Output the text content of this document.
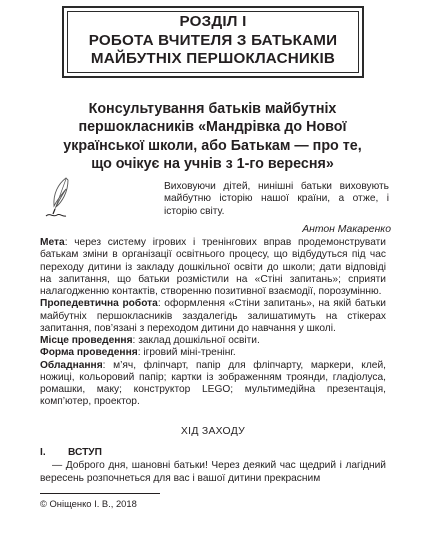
РОЗДІЛ І
РОБОТА ВЧИТЕЛЯ З БАТЬКАМИ
МАЙБУТНІХ ПЕРШОКЛАСНИКІВ
Консультування батьків майбутніх
першокласників «Мандрівка до Нової
української школи, або Батькам — про те,
що очікує на учнів з 1-го вересня»
Виховуючи дітей, нинішні батьки виховують майбутню історію нашої країни, а отже, і історію світу.
Антон Макаренко
Мета: через систему ігрових і тренінгових вправ продемонструвати батькам зміни в організації освітнього процесу, що відбудуться під час переходу дитини із закладу дошкільної освіти до школи; дати відповіді на запитання, що батьки розмістили на «Стіні запитань»; сприяти налагодженню контактів, створенню позитивної взаємодії, порозумінню.
Пропедевтична робота: оформлення «Стіни запитань», на якій батьки майбутніх першокласників заздалегідь залишатимуть на стікерах запитання, пов’язані з переходом дитини до навчання у школі.
Місце проведення: заклад дошкільної освіти.
Форма проведення: ігровий міні-тренінг.
Обладнання: м’яч, фліпчарт, папір для фліпчарту, маркери, клей, ножиці, кольоровий папір; картки із зображенням троянди, гладіолуса, ромашки, маку; конструктор LEGO; мультимедійна презентація, комп’ютер, проектор.
ХІД ЗАХОДУ
I. ВСТУП
— Доброго дня, шановні батьки! Через деякий час щедрий і лагідний вересень розпочнеться для вас і вашої дитини прекрасним
© Оніщенко І. В., 2018
